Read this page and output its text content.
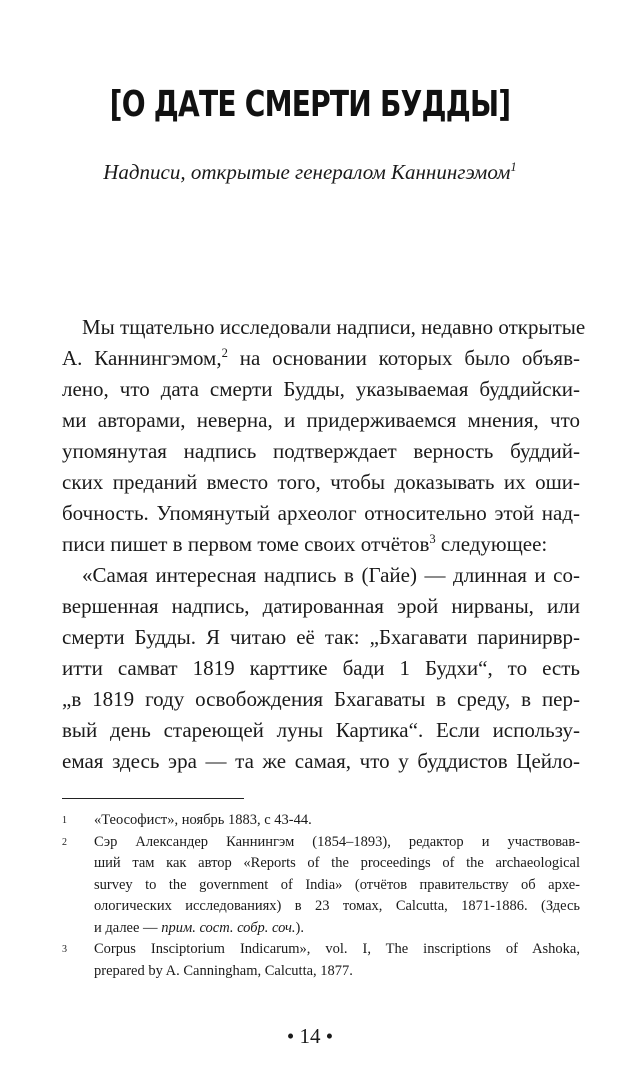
[О ДАТЕ СМЕРТИ БУДДЫ]
Надписи, открытые генералом Каннингэмом$^1$
Мы тщательно исследовали надписи, недавно открытые
А. Каннингэмом,$^2$ на основании которых было объяв-
лено, что дата смерти Будды, указываемая буддийски-
ми авторами, неверна, и придерживаемся мнения, что
упомянутая надпись подтверждает верность буддий-
ских преданий вместо того, чтобы доказывать их оши-
бочность. Упомянутый археолог относительно этой над-
писи пишет в первом томе своих отчётов$^3$ следующее:
«Самая интересная надпись в (Гайе) — длинная и со-
вершенная надпись, датированная эрой нирваны, или
смерти Будды. Я читаю её так: „Бхагавати паринирвр-
итти самват 1819 карттике бади 1 Будхи“, то есть
„в 1819 году освобождения Бхагаваты в среду, в пер-
вый день стареющей луны Картика“. Если использу-
емая здесь эра — та же самая, что у буддистов Цейло-
1	«Теософист», ноябрь 1883, с 43-44.
2	Сэр Александер Каннингэм (1854–1893), редактор и участвовав-
ший там как автор «Reports of the proceedings of the archaeological
survey to the government of India» (отчётов правительству об архе-
ологических исследованиях) в 23 томах, Calcutta, 1871-1886. (Здесь
и далее — прим. сост. собр. соч.).
3	Corpus Insciptorium Indicarum», vol. I, The inscriptions of Ashoka,
prepared by A. Canningham, Calcutta, 1877.
• 14 •
